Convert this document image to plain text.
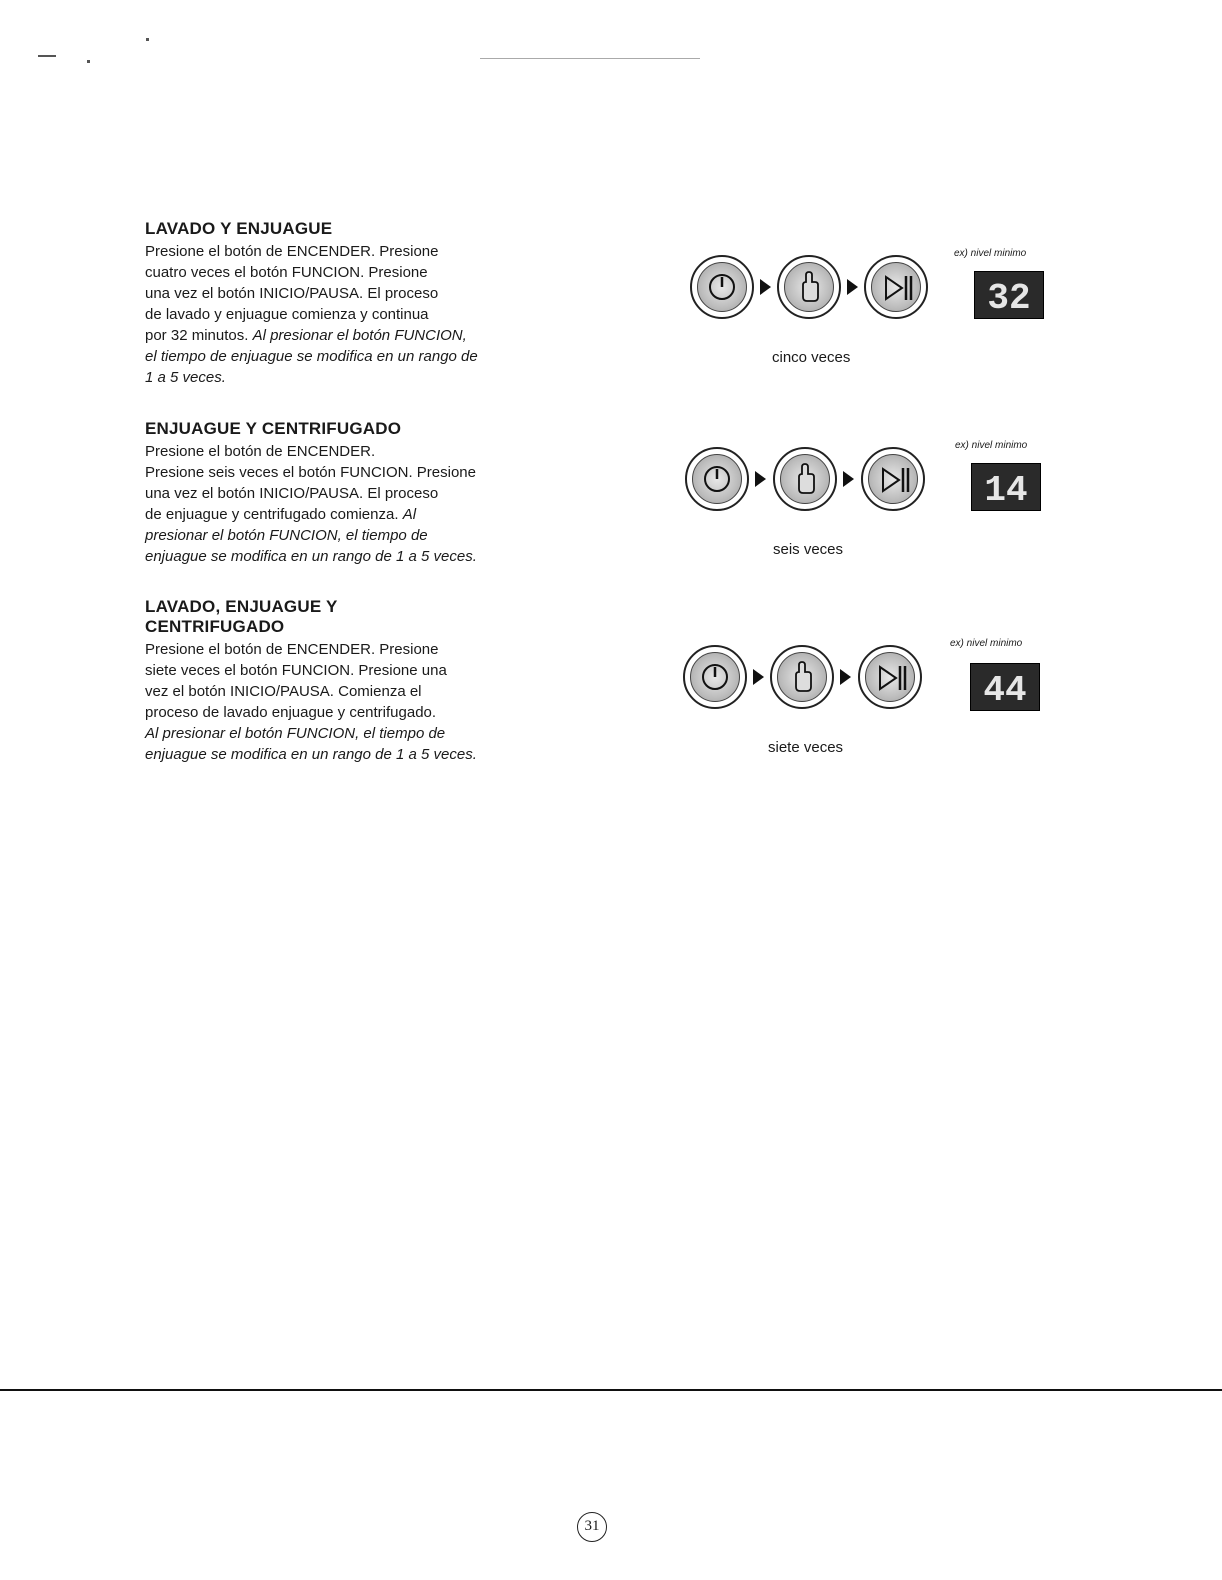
LAVADO Y ENJUAGUE

Presione el botón de ENCENDER. Presione
cuatro veces el botón FUNCION. Presione
una vez el botón INICIO/PAUSA. El proceso
de lavado y enjuague comienza y continua
por 32 minutos. Al presionar el botón FUNCION,
el tiempo de enjuague se modifica en un rango de
1 a 5 veces.

ENJUAGUE Y CENTRIFUGADO

Presione el botón de ENCENDER.
Presione seis veces el botón FUNCION. Presione
una vez el botón INICIO/PAUSA. El proceso
de enjuague y centrifugado comienza. Al
presionar el botón FUNCION, el tiempo de
enjuague se modifica en un rango de 1 a 5 veces.

LAVADO, ENJUAGUE Y
CENTRIFUGADO

Presione el botón de ENCENDER. Presione
siete veces el botón FUNCION. Presione una
vez el botón INICIO/PAUSA. Comienza el
proceso de lavado enjuague y centrifugado.
Al presionar el botón FUNCION, el tiempo de
enjuague se modifica en un rango de 1 a 5 veces.

cinco veces
ex) nivel minimo
32
seis veces
ex) nivel minimo
14
siete veces
ex) nivel minimo
44
31
